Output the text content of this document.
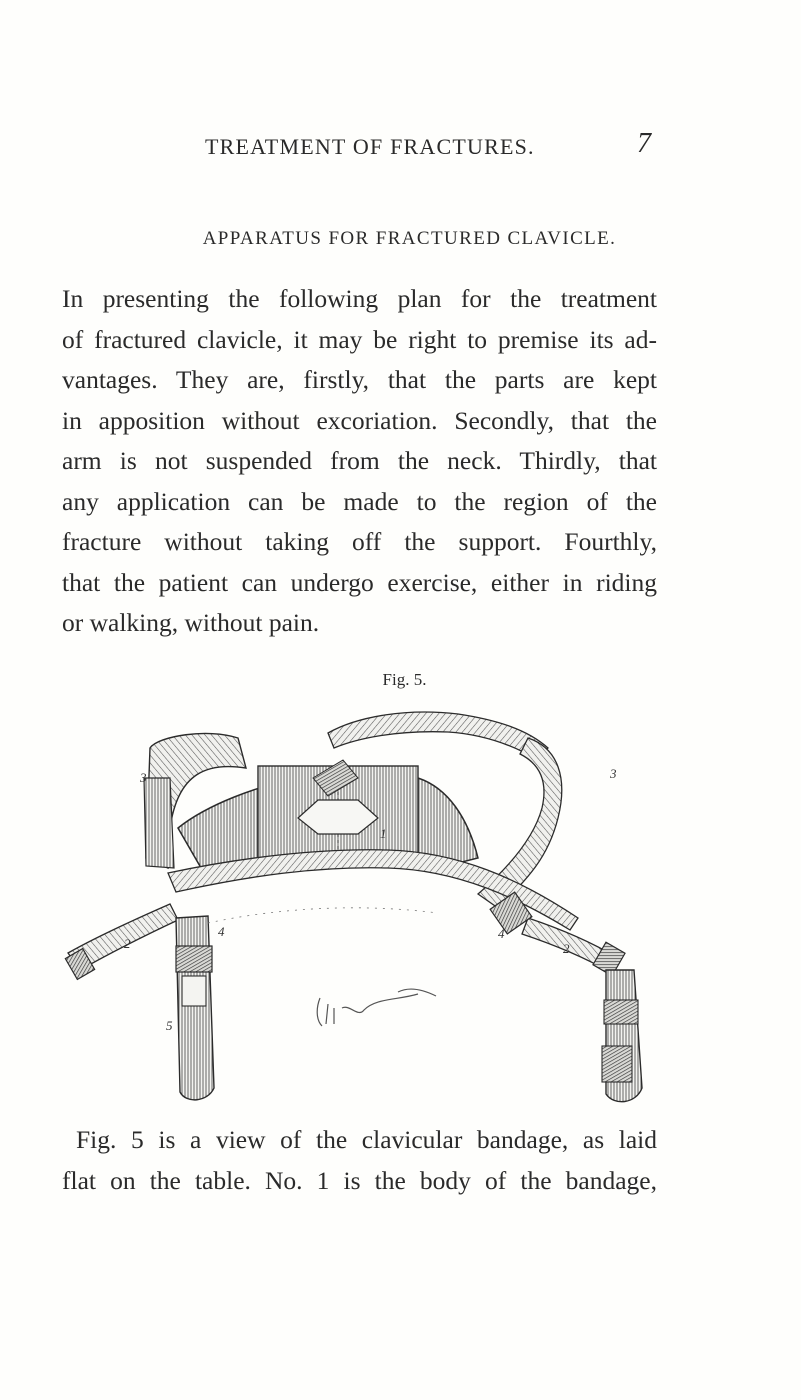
TREATMENT OF FRACTURES.	7
APPARATUS FOR FRACTURED CLAVICLE.
In presenting the following plan for the treatment
of fractured clavicle, it may be right to premise its ad-
vantages. They are, firstly, that the parts are kept
in apposition without excoriation. Secondly, that the
arm is not suspended from the neck. Thirdly, that
any application can be made to the region of the
fracture without taking off the support. Fourthly,
that the patient can undergo exercise, either in riding
or walking, without pain.
Fig. 5.
1
2	2
3	3
4	4
5
Fig. 5 is a view of the clavicular bandage, as laid
flat on the table. No. 1 is the body of the bandage,
